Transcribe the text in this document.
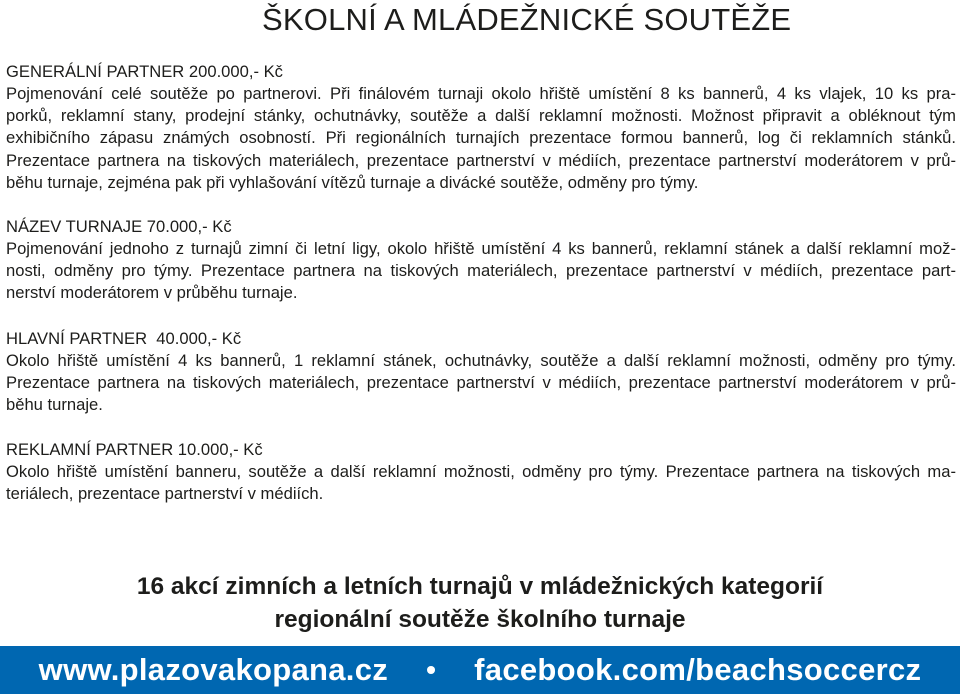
ŠKOLNÍ A MLÁDEŽNICKÉ SOUTĚŽE
GENERÁLNÍ PARTNER 200.000,- Kč
Pojmenování celé soutěže po partnerovi. Při finálovém turnaji okolo hřiště umístění 8 ks bannerů, 4 ks vlajek, 10 ks pra-
porků, reklamní stany, prodejní stánky, ochutnávky, soutěže a další reklamní možnosti. Možnost připravit a obléknout tým
exhibičního zápasu známých osobností. Při regionálních turnajích prezentace formou bannerů, log či reklamních stánků.
Prezentace partnera na tiskových materiálech, prezentace partnerství v médiích, prezentace partnerství moderátorem v prů-
běhu turnaje, zejména pak při vyhlašování vítězů turnaje a divácké soutěže, odměny pro týmy.
NÁZEV TURNAJE 70.000,- Kč
Pojmenování jednoho z turnajů zimní či letní ligy, okolo hřiště umístění 4 ks bannerů, reklamní stánek a další reklamní mož-
nosti, odměny pro týmy. Prezentace partnera na tiskových materiálech, prezentace partnerství v médiích, prezentace part-
nerství moderátorem v průběhu turnaje.
HLAVNÍ PARTNER  40.000,- Kč
Okolo hřiště umístění 4 ks bannerů, 1 reklamní stánek, ochutnávky, soutěže a další reklamní možnosti, odměny pro týmy.
Prezentace partnera na tiskových materiálech, prezentace partnerství v médiích, prezentace partnerství moderátorem v prů-
běhu turnaje.
REKLAMNÍ PARTNER 10.000,- Kč
Okolo hřiště umístění banneru, soutěže a další reklamní možnosti, odměny pro týmy. Prezentace partnera na tiskových ma-
teriálech, prezentace partnerství v médiích.
16 akcí zimních a letních turnajů v mládežnických kategorií
regionální soutěže školního turnaje
www.plazovakopana.cz • facebook.com/beachsoccercz
